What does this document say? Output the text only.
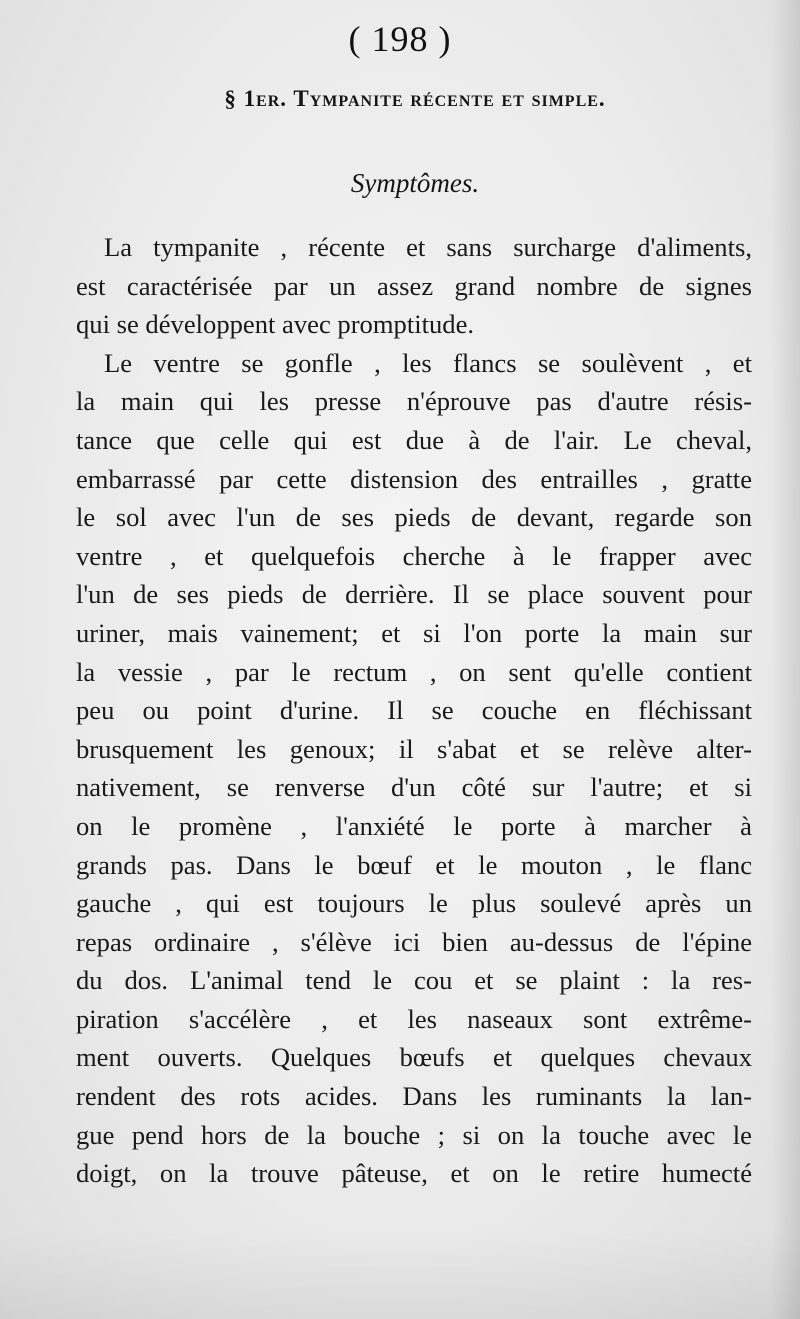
( 198 )
§ 1er. Tympanite récente et simple.
Symptômes.
La tympanite , récente et sans surcharge d'aliments,
est caractérisée par un assez grand nombre de signes
qui se développent avec promptitude.
Le ventre se gonfle , les flancs se soulèvent , et
la main qui les presse n'éprouve pas d'autre résis-
tance que celle qui est due à de l'air. Le cheval,
embarrassé par cette distension des entrailles , gratte
le sol avec l'un de ses pieds de devant, regarde son
ventre , et quelquefois cherche à le frapper avec
l'un de ses pieds de derrière. Il se place souvent pour
uriner, mais vainement; et si l'on porte la main sur
la vessie , par le rectum , on sent qu'elle contient
peu ou point d'urine. Il se couche en fléchissant
brusquement les genoux; il s'abat et se relève alter-
nativement, se renverse d'un côté sur l'autre; et si
on le promène , l'anxiété le porte à marcher à
grands pas. Dans le bœuf et le mouton , le flanc
gauche , qui est toujours le plus soulevé après un
repas ordinaire , s'élève ici bien au-dessus de l'épine
du dos. L'animal tend le cou et se plaint : la res-
piration s'accélère , et les naseaux sont extrême-
ment ouverts. Quelques bœufs et quelques chevaux
rendent des rots acides. Dans les ruminants la lan-
gue pend hors de la bouche ; si on la touche avec le
doigt, on la trouve pâteuse, et on le retire humecté
